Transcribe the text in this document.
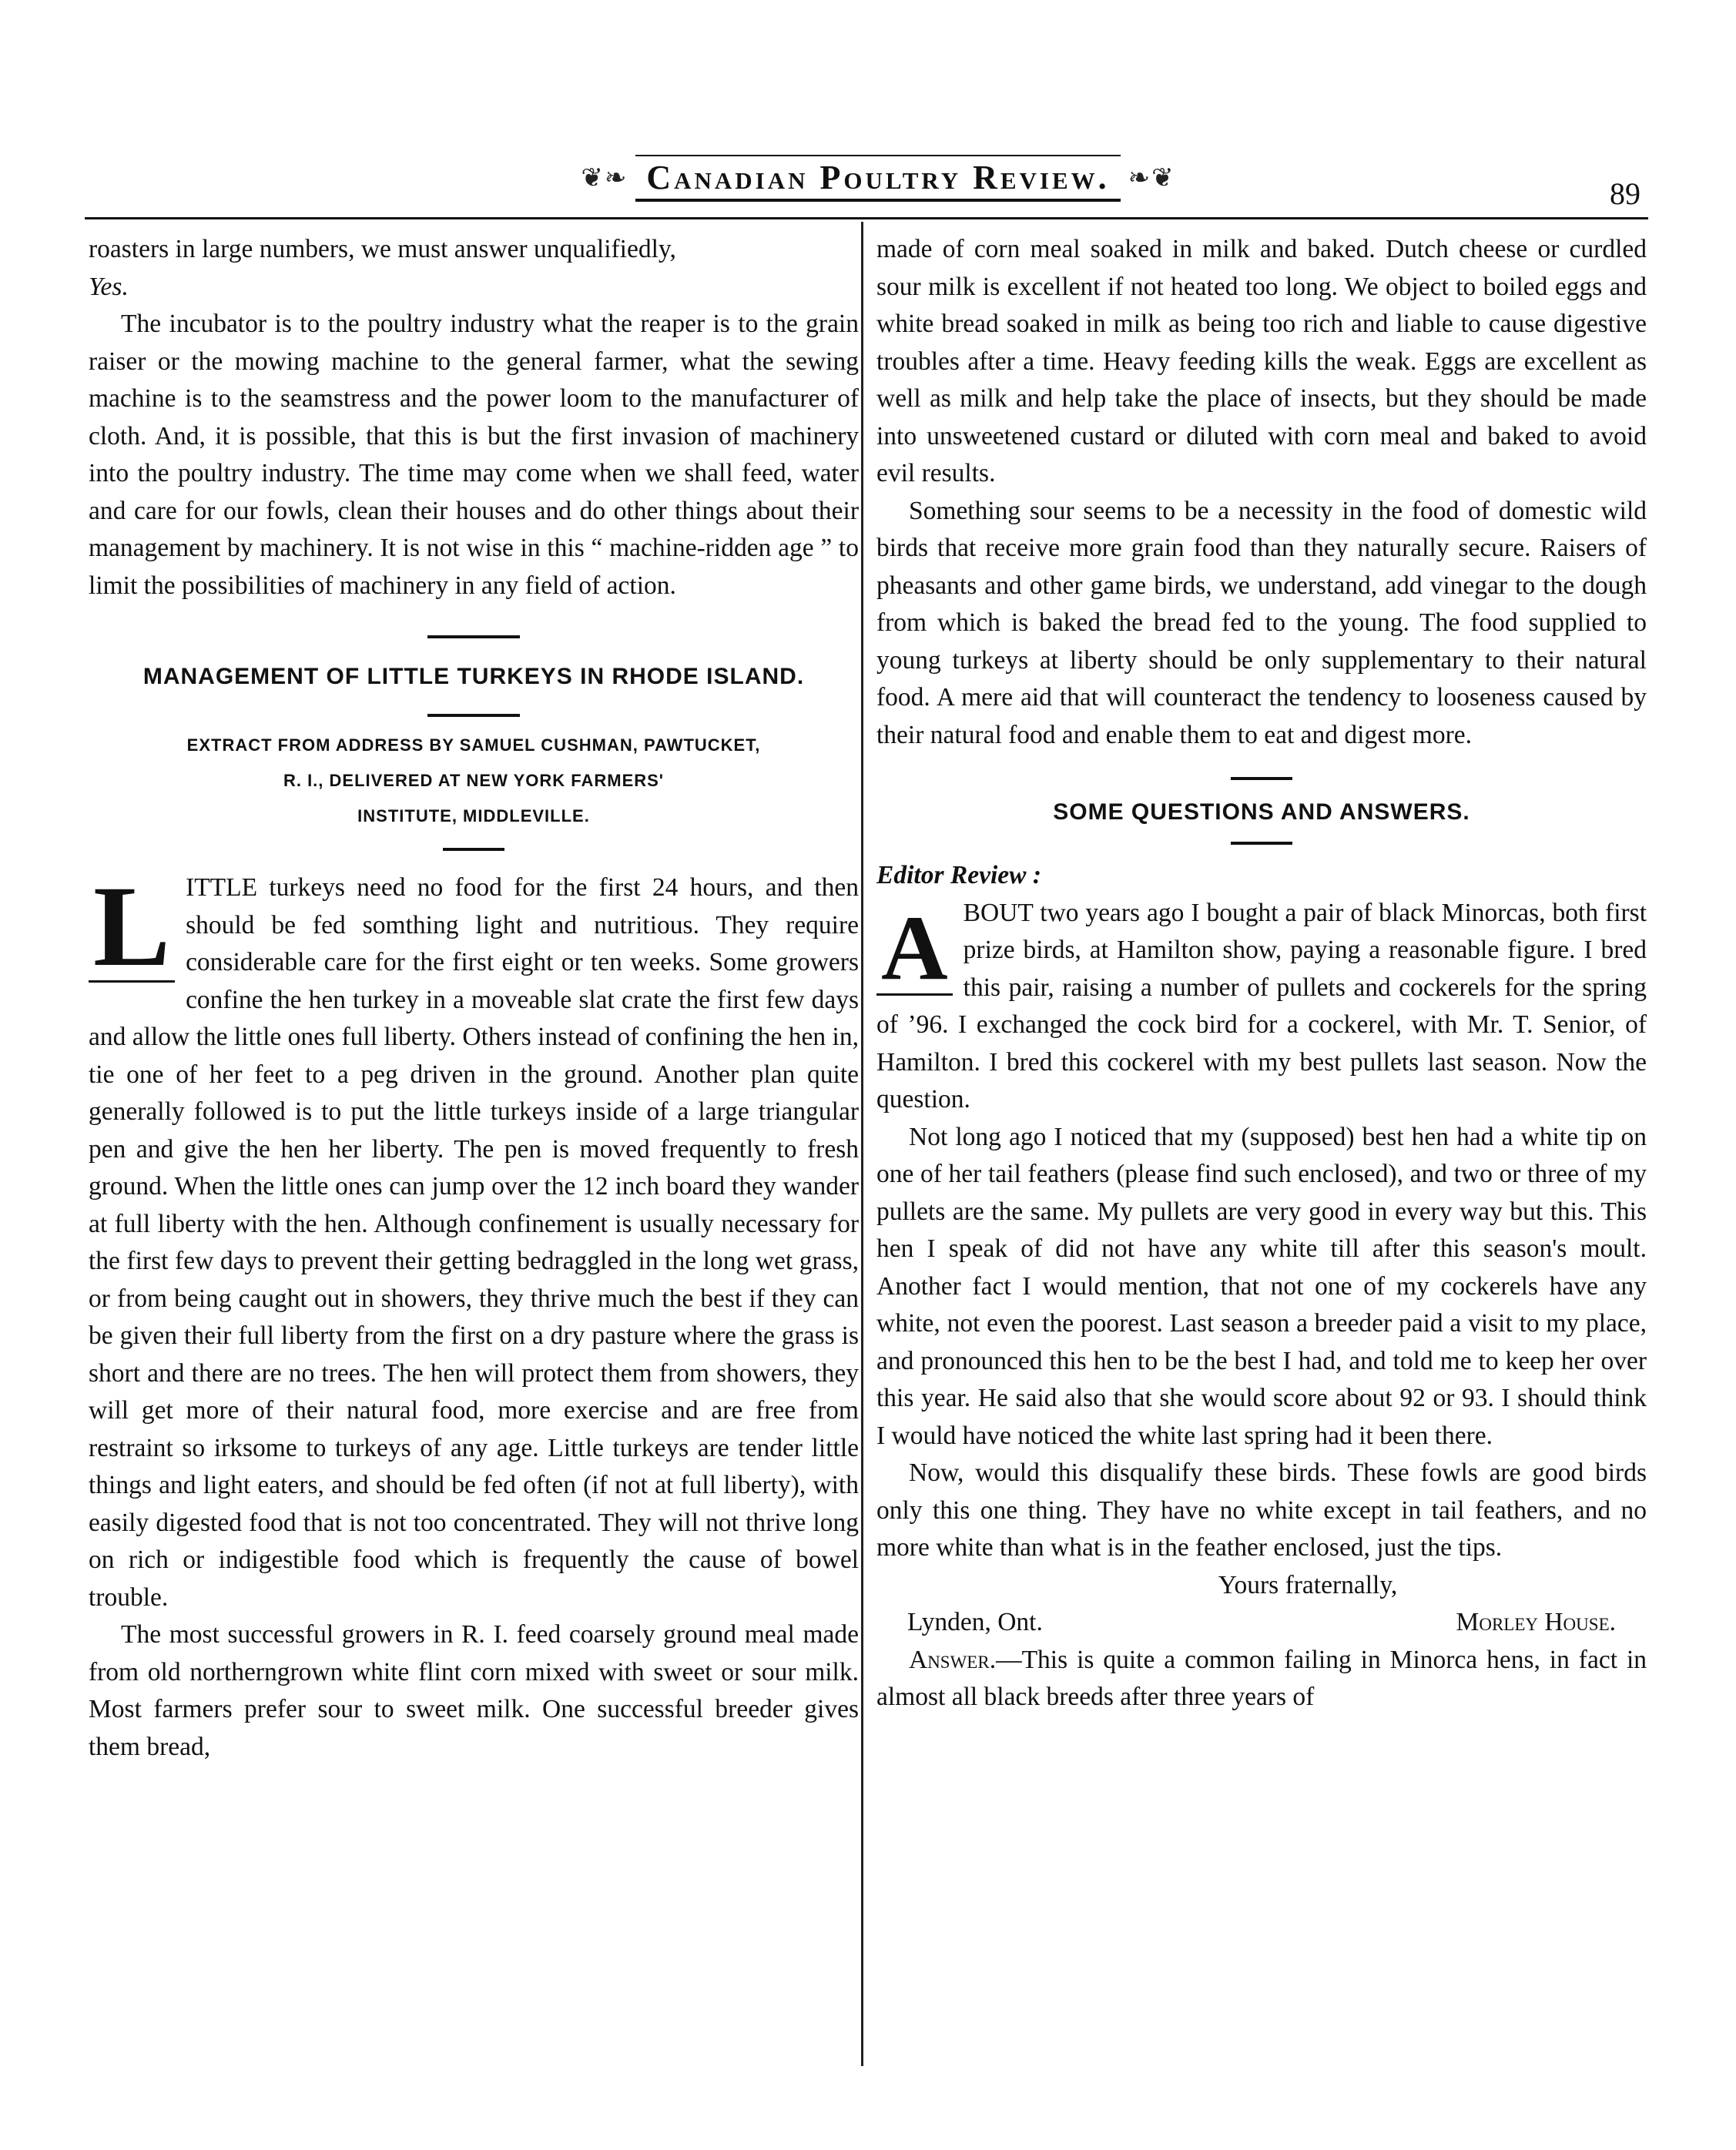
❦❧ Canadian Poultry Review. ❧❦	89

roasters in large numbers, we must answer unqualifiedly,
Yes.

The incubator is to the poultry industry what the reaper is to the grain raiser or the mowing machine to the general farmer, what the sewing machine is to the seamstress and the power loom to the manufacturer of cloth. And, it is possible, that this is but the first invasion of machinery into the poultry industry. The time may come when we shall feed, water and care for our fowls, clean their houses and do other things about their management by machinery. It is not wise in this “ machine-ridden age ” to limit the possibilities of machinery in any field of action.

MANAGEMENT OF LITTLE TURKEYS IN RHODE ISLAND.
EXTRACT FROM ADDRESS BY SAMUEL CUSHMAN, PAWTUCKET,
R. I., DELIVERED AT NEW YORK FARMERS'
INSTITUTE, MIDDLEVILLE.

L ITTLE turkeys need no food for the first 24 hours, and then should be fed somthing light and nutritious. They require considerable care for the first eight or ten weeks. Some growers confine the hen turkey in a moveable slat crate the first few days and allow the little ones full liberty. Others instead of confining the hen in, tie one of her feet to a peg driven in the ground. Another plan quite generally followed is to put the little turkeys inside of a large triangular pen and give the hen her liberty. The pen is moved frequently to fresh ground. When the little ones can jump over the 12 inch board they wander at full liberty with the hen. Although confinement is usually necessary for the first few days to prevent their getting bedraggled in the long wet grass, or from being caught out in showers, they thrive much the best if they can be given their full liberty from the first on a dry pasture where the grass is short and there are no trees. The hen will protect them from showers, they will get more of their natural food, more exercise and are free from restraint so irksome to turkeys of any age. Little turkeys are tender little things and light eaters, and should be fed often (if not at full liberty), with easily digested food that is not too concentrated. They will not thrive long on rich or indigestible food which is frequently the cause of bowel trouble.

The most successful growers in R. I. feed coarsely ground meal made from old northerngrown white flint corn mixed with sweet or sour milk. Most farmers prefer sour to sweet milk. One successful breeder gives them bread,

made of corn meal soaked in milk and baked. Dutch cheese or curdled sour milk is excellent if not heated too long. We object to boiled eggs and white bread soaked in milk as being too rich and liable to cause digestive troubles after a time. Heavy feeding kills the weak. Eggs are excellent as well as milk and help take the place of insects, but they should be made into unsweetened custard or diluted with corn meal and baked to avoid evil results.

Something sour seems to be a necessity in the food of domestic wild birds that receive more grain food than they naturally secure. Raisers of pheasants and other game birds, we understand, add vinegar to the dough from which is baked the bread fed to the young. The food supplied to young turkeys at liberty should be only supplementary to their natural food. A mere aid that will counteract the tendency to looseness caused by their natural food and enable them to eat and digest more.

SOME QUESTIONS AND ANSWERS.

Editor Review :

A BOUT two years ago I bought a pair of black Minorcas, both first prize birds, at Hamilton show, paying a reasonable figure. I bred this pair, raising a number of pullets and cockerels for the spring of ’96. I exchanged the cock bird for a cockerel, with Mr. T. Senior, of Hamilton. I bred this cockerel with my best pullets last season. Now the question.

Not long ago I noticed that my (supposed) best hen had a white tip on one of her tail feathers (please find such enclosed), and two or three of my pullets are the same. My pullets are very good in every way but this. This hen I speak of did not have any white till after this season's moult. Another fact I would mention, that not one of my cockerels have any white, not even the poorest. Last season a breeder paid a visit to my place, and pronounced this hen to be the best I had, and told me to keep her over this year. He said also that she would score about 92 or 93. I should think I would have noticed the white last spring had it been there.

Now, would this disqualify these birds. These fowls are good birds only this one thing. They have no white except in tail feathers, and no more white than what is in the feather enclosed, just the tips.

Yours fraternally,

Lynden, Ont.	Morley House.

Answer.—This is quite a common failing in Minorca hens, in fact in almost all black breeds after three years of
